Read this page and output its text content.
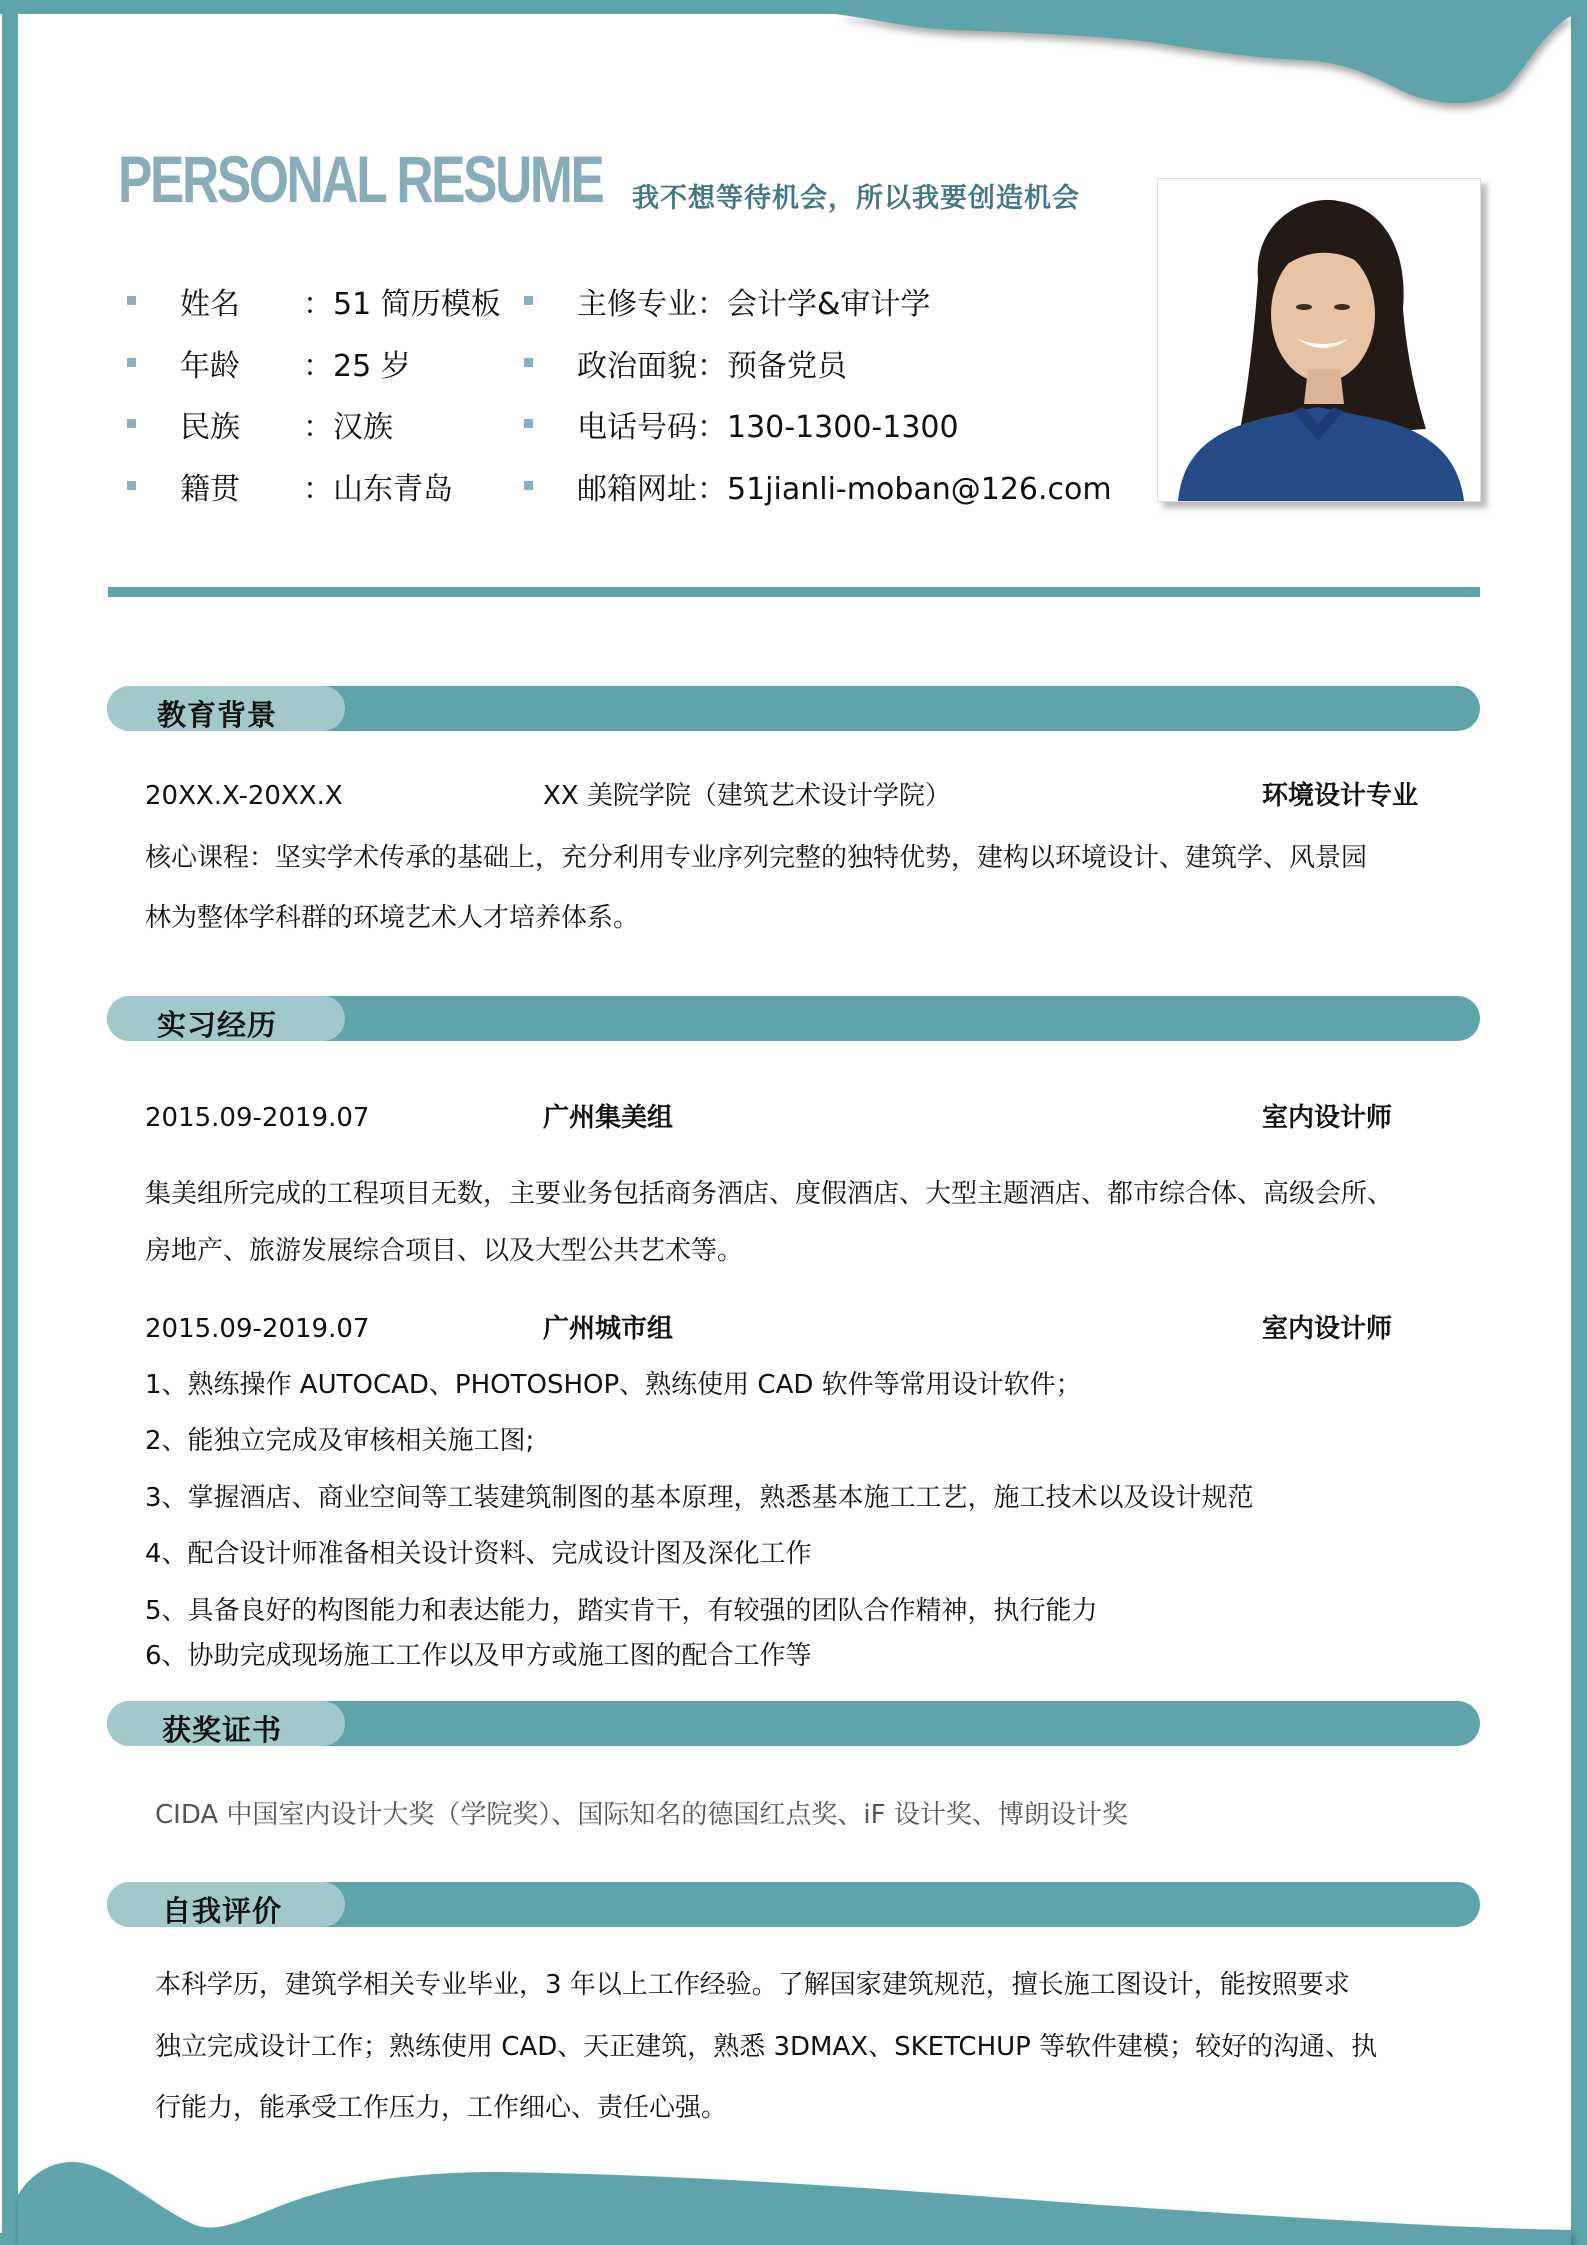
PERSONAL RESUME 我不想等待机会，所以我要创造机会
姓名 ：51 简历模板
年龄 ：25 岁
民族 ：汉族
籍贯 ：山东青岛
主修专业：会计学&审计学
政治面貌：预备党员
电话号码：130-1300-1300
邮箱网址：51jianli-moban@126.com
教育背景
20XX.X-20XX.X	XX 美院学院（建筑艺术设计学院）	环境设计专业
核心课程：坚实学术传承的基础上，充分利用专业序列完整的独特优势，建构以环境设计、建筑学、风景园
林为整体学科群的环境艺术人才培养体系。
实习经历
2015.09-2019.07	广州集美组	室内设计师
集美组所完成的工程项目无数，主要业务包括商务酒店、度假酒店、大型主题酒店、都市综合体、高级会所、
房地产、旅游发展综合项目、以及大型公共艺术等。
2015.09-2019.07	广州城市组	室内设计师
1、熟练操作 AUTOCAD、PHOTOSHOP、熟练使用 CAD 软件等常用设计软件；
2、能独立完成及审核相关施工图;
3、掌握酒店、商业空间等工装建筑制图的基本原理，熟悉基本施工工艺，施工技术以及设计规范
4、配合设计师准备相关设计资料、完成设计图及深化工作
5、具备良好的构图能力和表达能力，踏实肯干，有较强的团队合作精神，执行能力
6、协助完成现场施工工作以及甲方或施工图的配合工作等
获奖证书
CIDA 中国室内设计大奖（学院奖）、国际知名的德国红点奖、iF 设计奖、博朗设计奖
自我评价
本科学历，建筑学相关专业毕业，3 年以上工作经验。了解国家建筑规范，擅长施工图设计，能按照要求
独立完成设计工作；熟练使用 CAD、天正建筑，熟悉 3DMAX、SKETCHUP 等软件建模；较好的沟通、执
行能力，能承受工作压力，工作细心、责任心强。
